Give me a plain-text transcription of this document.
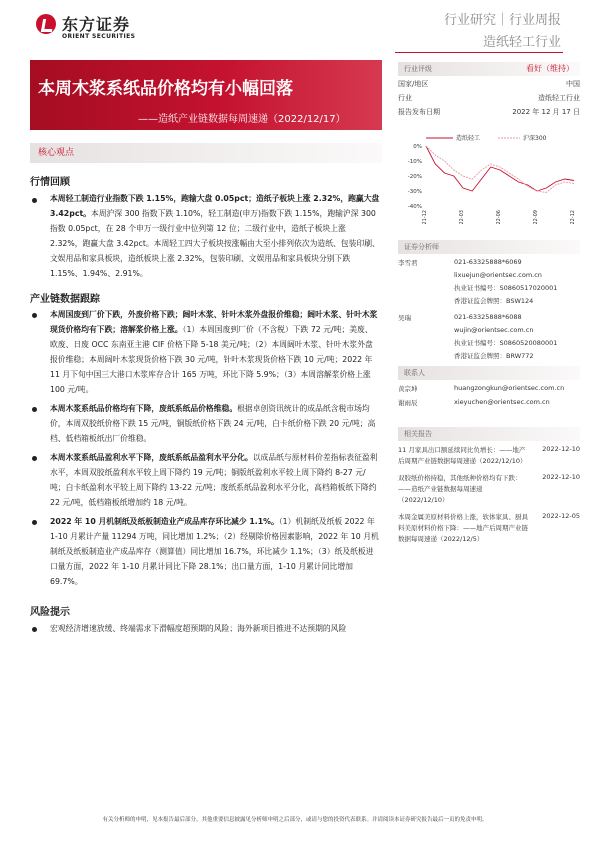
东方证券
ORIENT SECURITIES
行业研究｜行业周报
造纸轻工行业
本周木浆系纸品价格均有小幅回落
——造纸产业链数据每周速递（2022/12/17）
行业评级	看好（维持）
国家/地区	中国
行业	造纸轻工行业
报告发布日期	2022 年 12 月 17 日
造纸轻工	沪深300
0%
-10%
-20%
-30%
-40%
2021-12	2022-03	2022-06	2022-09	2022-12
证券分析师
李雪君	021-63325888*6069
lixuejun@orientsec.com.cn
执业证书编号：S0860517020001
香港证监会牌照：BSW124
吴瑞	021-63325888*6088
wujin@orientsec.com.cn
执业证书编号：S0860520080001
香港证监会牌照：BRW772
联系人
黄宗坤	huangzongkun@orientsec.com.cn
谢雨辰	xieyuchen@orientsec.com.cn
相关报告
11 月家具出口额延续同比负增长：——地产后周期产业链数据每周速递（2022/12/10）
2022-12-10
双胶纸价格持稳，其他纸种价格均有下跌：——造纸产业链数据每周速递（2022/12/10）
2022-12-10
本周金属美原材料价格上涨，软体家具、厨具料美原材料价格下降：——地产后周期产业链数据每周速递（2022/12/5）
2022-12-05
核心观点
行情回顾
本周轻工制造行业指数下跌 1.15%，跑输大盘 0.05pct；造纸子板块上涨 2.32%，跑赢大盘 3.42pct。本周沪深 300 指数下跌 1.10%，轻工制造(申万)指数下跌 1.15%，跑输沪深 300 指数 0.05pct，在 28 个申万一级行业中位列第 12 位；二级行业中，造纸子板块上涨 2.32%，跑赢大盘 3.42pct。本周轻工四大子板块按涨幅由大至小排列依次为造纸、包装印刷、文娱用品和家具板块，造纸板块上涨 2.32%，包装印刷、文娱用品和家具板块分别下跌 1.15%、1.94%、2.91%。
产业链数据跟踪
本周国废到厂价下跌，外废价格下跌；阔叶木浆、针叶木浆外盘报价维稳；阔叶木浆、针叶木浆现货价格均有下跌；溶解浆价格上涨。（1）本周国废到厂价（不含税）下跌 72 元/吨；美废、欧废、日废 OCC 东南亚主港 CIF 价格下降 5-18 美元/吨；（2）本周阔叶木浆、针叶木浆外盘报价维稳；本周阔叶木浆现货价格下跌 30 元/吨，针叶木浆现货价格下跌 10 元/吨；2022 年 11 月下旬中国三大港口木浆库存合计 165 万吨，环比下降 5.9%；（3）本周溶解浆价格上涨 100 元/吨。
本周木浆系纸品价格均有下降，废纸系纸品价格维稳。根据卓创资讯统计的成品纸含税市场均价，本周双胶纸价格下跌 15 元/吨，铜版纸价格下跌 24 元/吨，白卡纸价格下跌 20 元/吨；高档、低档箱板纸出厂价维稳。
2022 年 10 月机制纸及纸板制造业产成品库存环比减少 1.1%。（1）机制纸及纸板 2022 年 1-10 月累计产量 11294 万吨，同比增加 1.2%；（2）经剔除价格因素影响，2022 年 10 月机制纸及纸板制造业产成品库存（测算值）同比增加 16.7%，环比减少 1.1%；（3）纸及纸板进口量方面，2022 年 1-10 月累计同比下降 28.1%；出口量方面，1-10 月累计同比增加 69.7%。
风险提示
宏观经济增速放缓、终端需求下滑幅度超预期的风险；海外新项目推进不达预期的风险
有关分析师的申明，见本报告最后部分。其他重要信息披露见分析师申明之后部分，或请与您的投资代表联系。并请阅读本证券研究报告最后一页的免责申明。
本周木浆系纸品盈利水平下降，废纸系纸品盈利水平分化。以成品纸与原材料价差指标表征盈利水平，本周双胶纸盈利水平较上周下降约 19 元/吨；铜版纸盈利水平较上周下降约 8-27 元/吨；白卡纸盈利水平较上周下降约 13-22 元/吨；废纸系纸品盈利水平分化，高档箱板纸下降约 22 元/吨，低档箱板纸增加约 18 元/吨。
